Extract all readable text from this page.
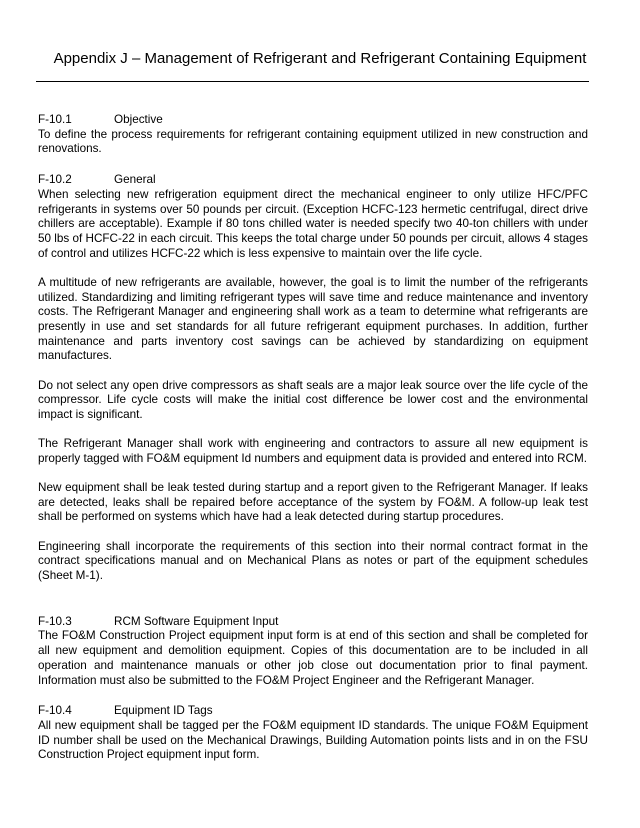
Appendix J – Management of Refrigerant and Refrigerant Containing Equipment
F-10.1	Objective

To define the process requirements for refrigerant containing equipment utilized in new construction and renovations.

F-10.2	General

When selecting new refrigeration equipment direct the mechanical engineer to only utilize HFC/PFC refrigerants in systems over 50 pounds per circuit. (Exception HCFC-123 hermetic centrifugal, direct drive chillers are acceptable). Example if 80 tons chilled water is needed specify two 40-ton chillers with under 50 lbs of HCFC-22 in each circuit. This keeps the total charge under 50 pounds per circuit, allows 4 stages of control and utilizes HCFC-22 which is less expensive to maintain over the life cycle.

A multitude of new refrigerants are available, however, the goal is to limit the number of the refrigerants utilized. Standardizing and limiting refrigerant types will save time and reduce maintenance and inventory costs. The Refrigerant Manager and engineering shall work as a team to determine what refrigerants are presently in use and set standards for all future refrigerant equipment purchases. In addition, further maintenance and parts inventory cost savings can be achieved by standardizing on equipment manufactures.

Do not select any open drive compressors as shaft seals are a major leak source over the life cycle of the compressor. Life cycle costs will make the initial cost difference be lower cost and the environmental impact is significant.

The Refrigerant Manager shall work with engineering and contractors to assure all new equipment is properly tagged with FO&M equipment Id numbers and equipment data is provided and entered into RCM.

New equipment shall be leak tested during startup and a report given to the Refrigerant Manager. If leaks are detected, leaks shall be repaired before acceptance of the system by FO&M. A follow-up leak test shall be performed on systems which have had a leak detected during startup procedures.

Engineering shall incorporate the requirements of this section into their normal contract format in the contract specifications manual and on Mechanical Plans as notes or part of the equipment schedules (Sheet M-1).

F-10.3	RCM Software Equipment Input

The FO&M Construction Project equipment input form is at end of this section and shall be completed for all new equipment and demolition equipment. Copies of this documentation are to be included in all operation and maintenance manuals or other job close out documentation prior to final payment. Information must also be submitted to the FO&M Project Engineer and the Refrigerant Manager.

F-10.4	Equipment ID Tags

All new equipment shall be tagged per the FO&M equipment ID standards. The unique FO&M Equipment ID number shall be used on the Mechanical Drawings, Building Automation points lists and in on the FSU Construction Project equipment input form.
